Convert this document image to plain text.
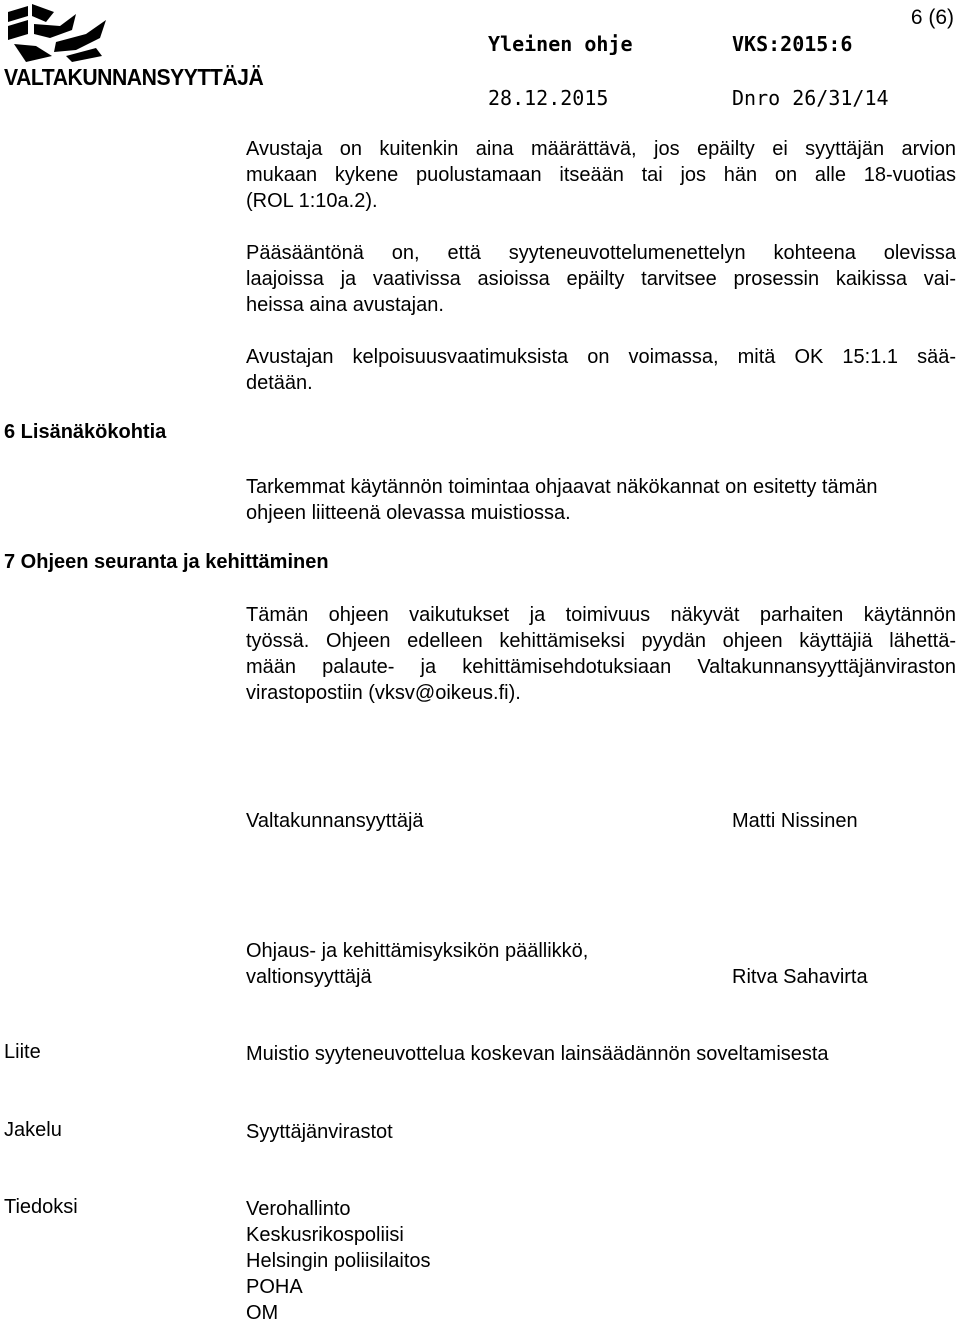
VALTAKUNNANSYYTTÄJÄ
Yleinen ohje	VKS:2015:6
28.12.2015	Dnro 26/31/14
6 (6)
Avustaja on kuitenkin aina määrättävä, jos epäilty ei syyttäjän arvion
mukaan kykene puolustamaan itseään tai jos hän on alle 18-vuotias
(ROL 1:10a.2).
Pääsääntönä on, että syyteneuvottelumenettelyn kohteena olevissa
laajoissa ja vaativissa asioissa epäilty tarvitsee prosessin kaikissa vai-
heissa aina avustajan.
Avustajan kelpoisuusvaatimuksista on voimassa, mitä OK 15:1.1 sää-
detään.
6 Lisänäkökohtia
Tarkemmat käytännön toimintaa ohjaavat näkökannat on esitetty tämän
ohjeen liitteenä olevassa muistiossa.
7 Ohjeen seuranta ja kehittäminen
Tämän ohjeen vaikutukset ja toimivuus näkyvät parhaiten käytännön
työssä. Ohjeen edelleen kehittämiseksi pyydän ohjeen käyttäjiä lähettä-
mään palaute- ja kehittämisehdotuksiaan Valtakunnansyyttäjänviraston
virastopostiin (vksv@oikeus.fi).
Valtakunnansyyttäjä	Matti Nissinen
Ohjaus- ja kehittämisyksikön päällikkö,
valtionsyyttäjä	Ritva Sahavirta
Liite	Muistio syyteneuvottelua koskevan lainsäädännön soveltamisesta
Jakelu	Syyttäjänvirastot
Tiedoksi	Verohallinto
Keskusrikospoliisi
Helsingin poliisilaitos
POHA
OM
